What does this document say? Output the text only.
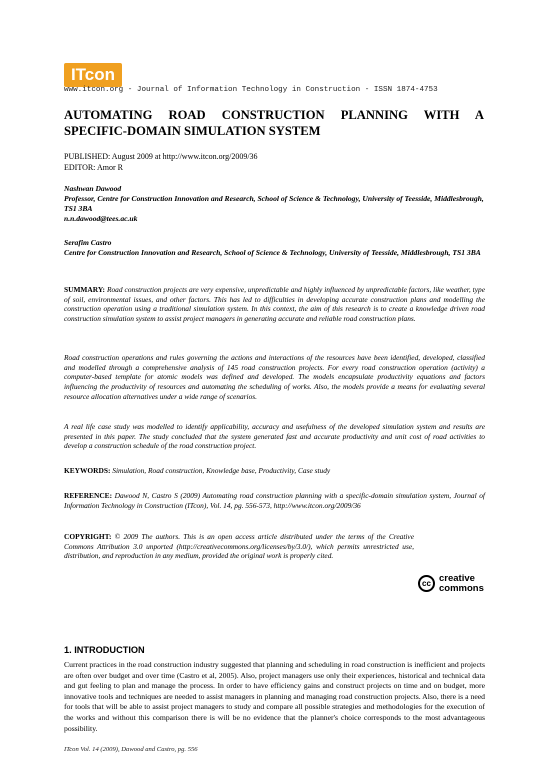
ITcon
www.itcon.org - Journal of Information Technology in Construction - ISSN 1874-4753
AUTOMATING ROAD CONSTRUCTION PLANNING WITH A
SPECIFIC-DOMAIN SIMULATION SYSTEM
PUBLISHED: August 2009 at http://www.itcon.org/2009/36
EDITOR: Amor R
Nashwan Dawood
Professor, Centre for Construction Innovation and Research, School of Science & Technology, University of Teesside, Middlesbrough, TS1 3BA
n.n.dawood@tees.ac.uk
Serafim Castro
Centre for Construction Innovation and Research, School of Science & Technology, University of Teesside, Middlesbrough, TS1 3BA
SUMMARY: Road construction projects are very expensive, unpredictable and highly influenced by unpredictable factors, like weather, type of soil, environmental issues, and other factors. This has led to difficulties in developing accurate construction plans and modelling the construction operation using a traditional simulation system. In this context, the aim of this research is to create a knowledge driven road construction simulation system to assist project managers in generating accurate and reliable road construction plans.
Road construction operations and rules governing the actions and interactions of the resources have been identified, developed, classified and modelled through a comprehensive analysis of 145 road construction projects. For every road construction operation (activity) a computer-based template for atomic models was defined and developed. The models encapsulate productivity equations and factors influencing the productivity of resources and automating the scheduling of works. Also, the models provide a means for evaluating several resource allocation alternatives under a wide range of scenarios.
A real life case study was modelled to identify applicability, accuracy and usefulness of the developed simulation system and results are presented in this paper. The study concluded that the system generated fast and accurate productivity and unit cost of road activities to develop a construction schedule of the road construction project.
KEYWORDS: Simulation, Road construction, Knowledge base, Productivity, Case study
REFERENCE: Dawood N, Castro S (2009) Automating road construction planning with a specific-domain simulation system, Journal of Information Technology in Construction (ITcon), Vol. 14, pg. 556-573, http://www.itcon.org/2009/36
COPYRIGHT: © 2009 The authors. This is an open access article distributed under the terms of the Creative Commons Attribution 3.0 unported (http://creativecommons.org/licenses/by/3.0/), which permits unrestricted use, distribution, and reproduction in any medium, provided the original work is properly cited.
cc creative
commons
1. INTRODUCTION
Current practices in the road construction industry suggested that planning and scheduling in road construction is inefficient and projects are often over budget and over time (Castro et al, 2005). Also, project managers use only their experiences, historical and technical data and gut feeling to plan and manage the process. In order to have efficiency gains and construct projects on time and on budget, more innovative tools and techniques are needed to assist managers in planning and managing road construction projects. Also, there is a need for tools that will be able to assist project managers to study and compare all possible strategies and methodologies for the execution of the works and without this comparison there is will be no evidence that the planner's choice corresponds to the most advantageous possibility.
ITcon Vol. 14 (2009), Dawood and Castro, pg. 556
